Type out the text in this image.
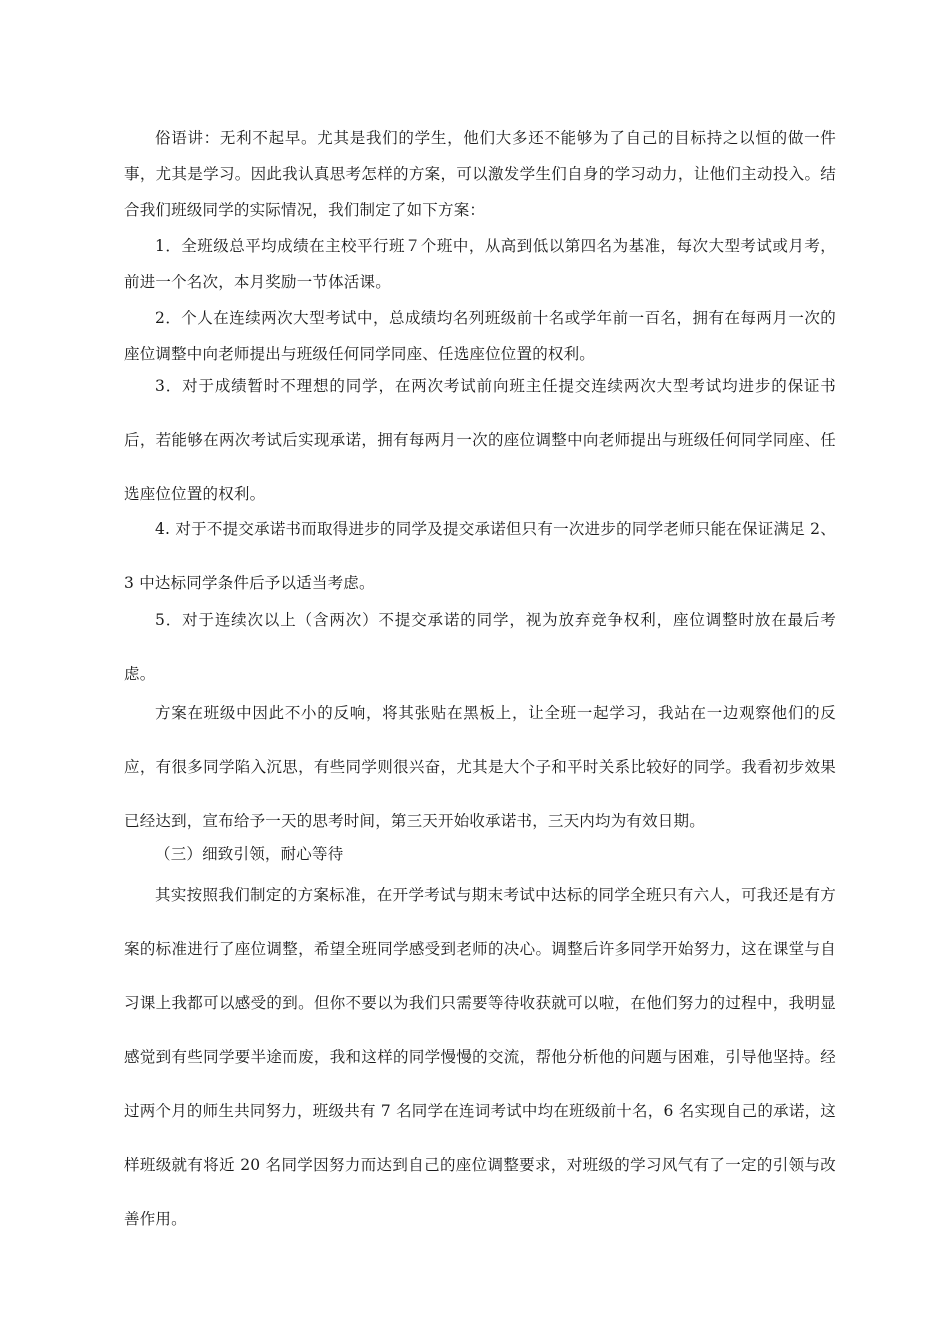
俗语讲：无利不起早。尤其是我们的学生，他们大多还不能够为了自己的目标持之以恒的做一件事，尤其是学习。因此我认真思考怎样的方案，可以激发学生们自身的学习动力，让他们主动投入。结合我们班级同学的实际情况，我们制定了如下方案：

1．全班级总平均成绩在主校平行班７个班中，从高到低以第四名为基准，每次大型考试或月考，前进一个名次，本月奖励一节体活课。

2．个人在连续两次大型考试中，总成绩均名列班级前十名或学年前一百名，拥有在每两月一次的座位调整中向老师提出与班级任何同学同座、任选座位位置的权利。

3．对于成绩暂时不理想的同学，在两次考试前向班主任提交连续两次大型考试均进步的保证书后，若能够在两次考试后实现承诺，拥有每两月一次的座位调整中向老师提出与班级任何同学同座、任选座位位置的权利。

4. 对于不提交承诺书而取得进步的同学及提交承诺但只有一次进步的同学老师只能在保证满足 2、3 中达标同学条件后予以适当考虑。

5．对于连续次以上（含两次）不提交承诺的同学，视为放弃竞争权利，座位调整时放在最后考虑。

方案在班级中因此不小的反响，将其张贴在黑板上，让全班一起学习，我站在一边观察他们的反应，有很多同学陷入沉思，有些同学则很兴奋，尤其是大个子和平时关系比较好的同学。我看初步效果已经达到，宣布给予一天的思考时间，第三天开始收承诺书，三天内均为有效日期。

（三）细致引领，耐心等待

其实按照我们制定的方案标准，在开学考试与期末考试中达标的同学全班只有六人，可我还是有方案的标准进行了座位调整，希望全班同学感受到老师的决心。调整后许多同学开始努力，这在课堂与自习课上我都可以感受的到。但你不要以为我们只需要等待收获就可以啦，在他们努力的过程中，我明显感觉到有些同学要半途而废，我和这样的同学慢慢的交流，帮他分析他的问题与困难，引导他坚持。经过两个月的师生共同努力，班级共有 7 名同学在连词考试中均在班级前十名，6 名实现自己的承诺，这样班级就有将近 20 名同学因努力而达到自己的座位调整要求，对班级的学习风气有了一定的引领与改善作用。
